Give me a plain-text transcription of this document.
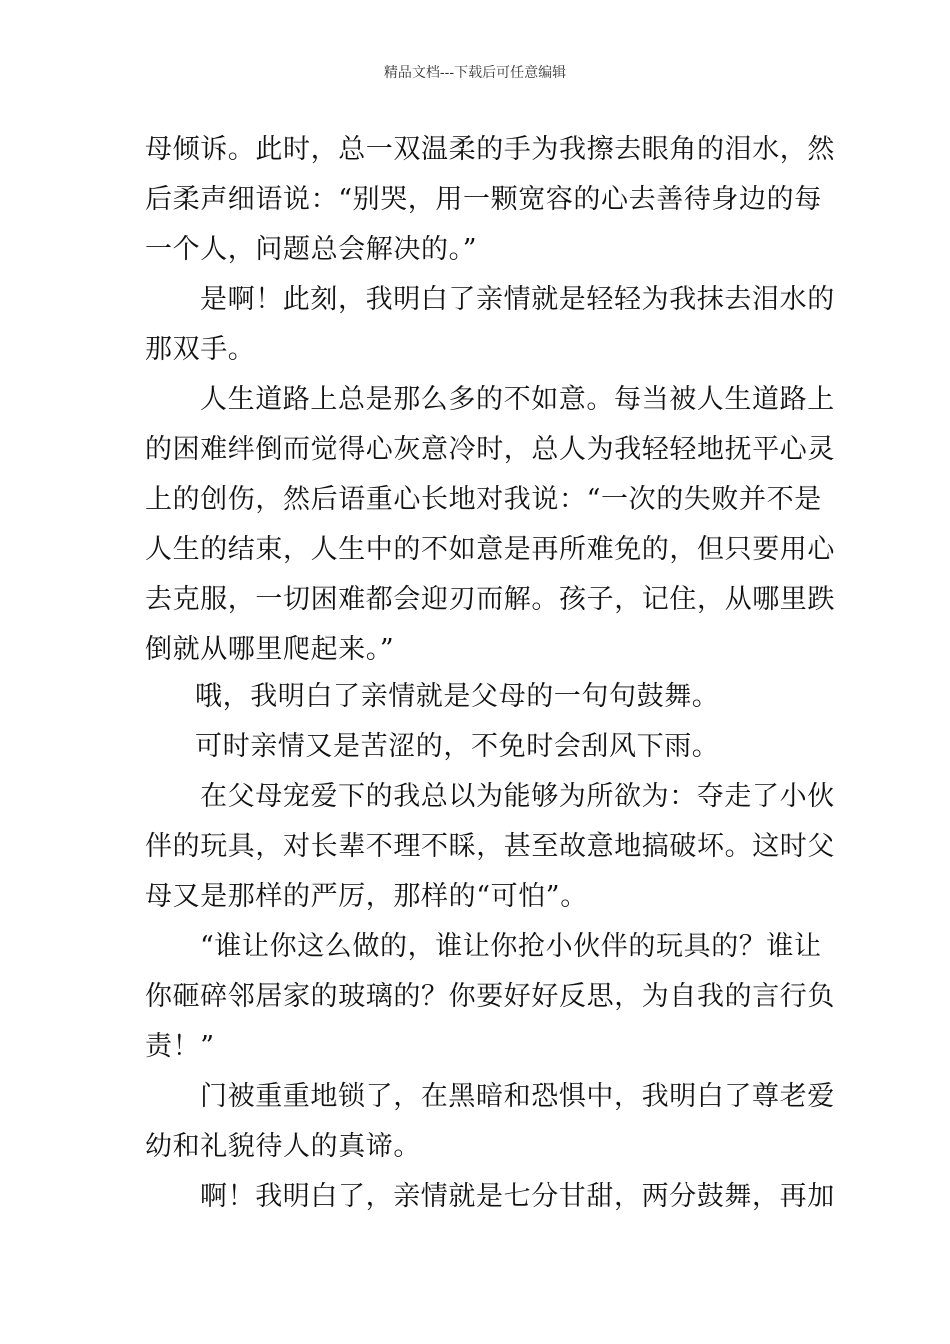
精品文档---下载后可任意编辑
母倾诉。此时，总一双温柔的手为我擦去眼角的泪水，然
后柔声细语说：“别哭，用一颗宽容的心去善待身边的每
一个人，问题总会解决的。”
是啊！此刻，我明白了亲情就是轻轻为我抹去泪水的
那双手。
人生道路上总是那么多的不如意。每当被人生道路上
的困难绊倒而觉得心灰意冷时，总人为我轻轻地抚平心灵
上的创伤，然后语重心长地对我说：“一次的失败并不是
人生的结束，人生中的不如意是再所难免的，但只要用心
去克服，一切困难都会迎刃而解。孩子，记住，从哪里跌
倒就从哪里爬起来。”
哦，我明白了亲情就是父母的一句句鼓舞。
可时亲情又是苦涩的，不免时会刮风下雨。
在父母宠爱下的我总以为能够为所欲为：夺走了小伙
伴的玩具，对长辈不理不睬，甚至故意地搞破坏。这时父
母又是那样的严厉，那样的“可怕”。
“谁让你这么做的，谁让你抢小伙伴的玩具的？谁让
你砸碎邻居家的玻璃的？你要好好反思，为自我的言行负
责！”
门被重重地锁了，在黑暗和恐惧中，我明白了尊老爱
幼和礼貌待人的真谛。
啊！我明白了，亲情就是七分甘甜，两分鼓舞，再加
